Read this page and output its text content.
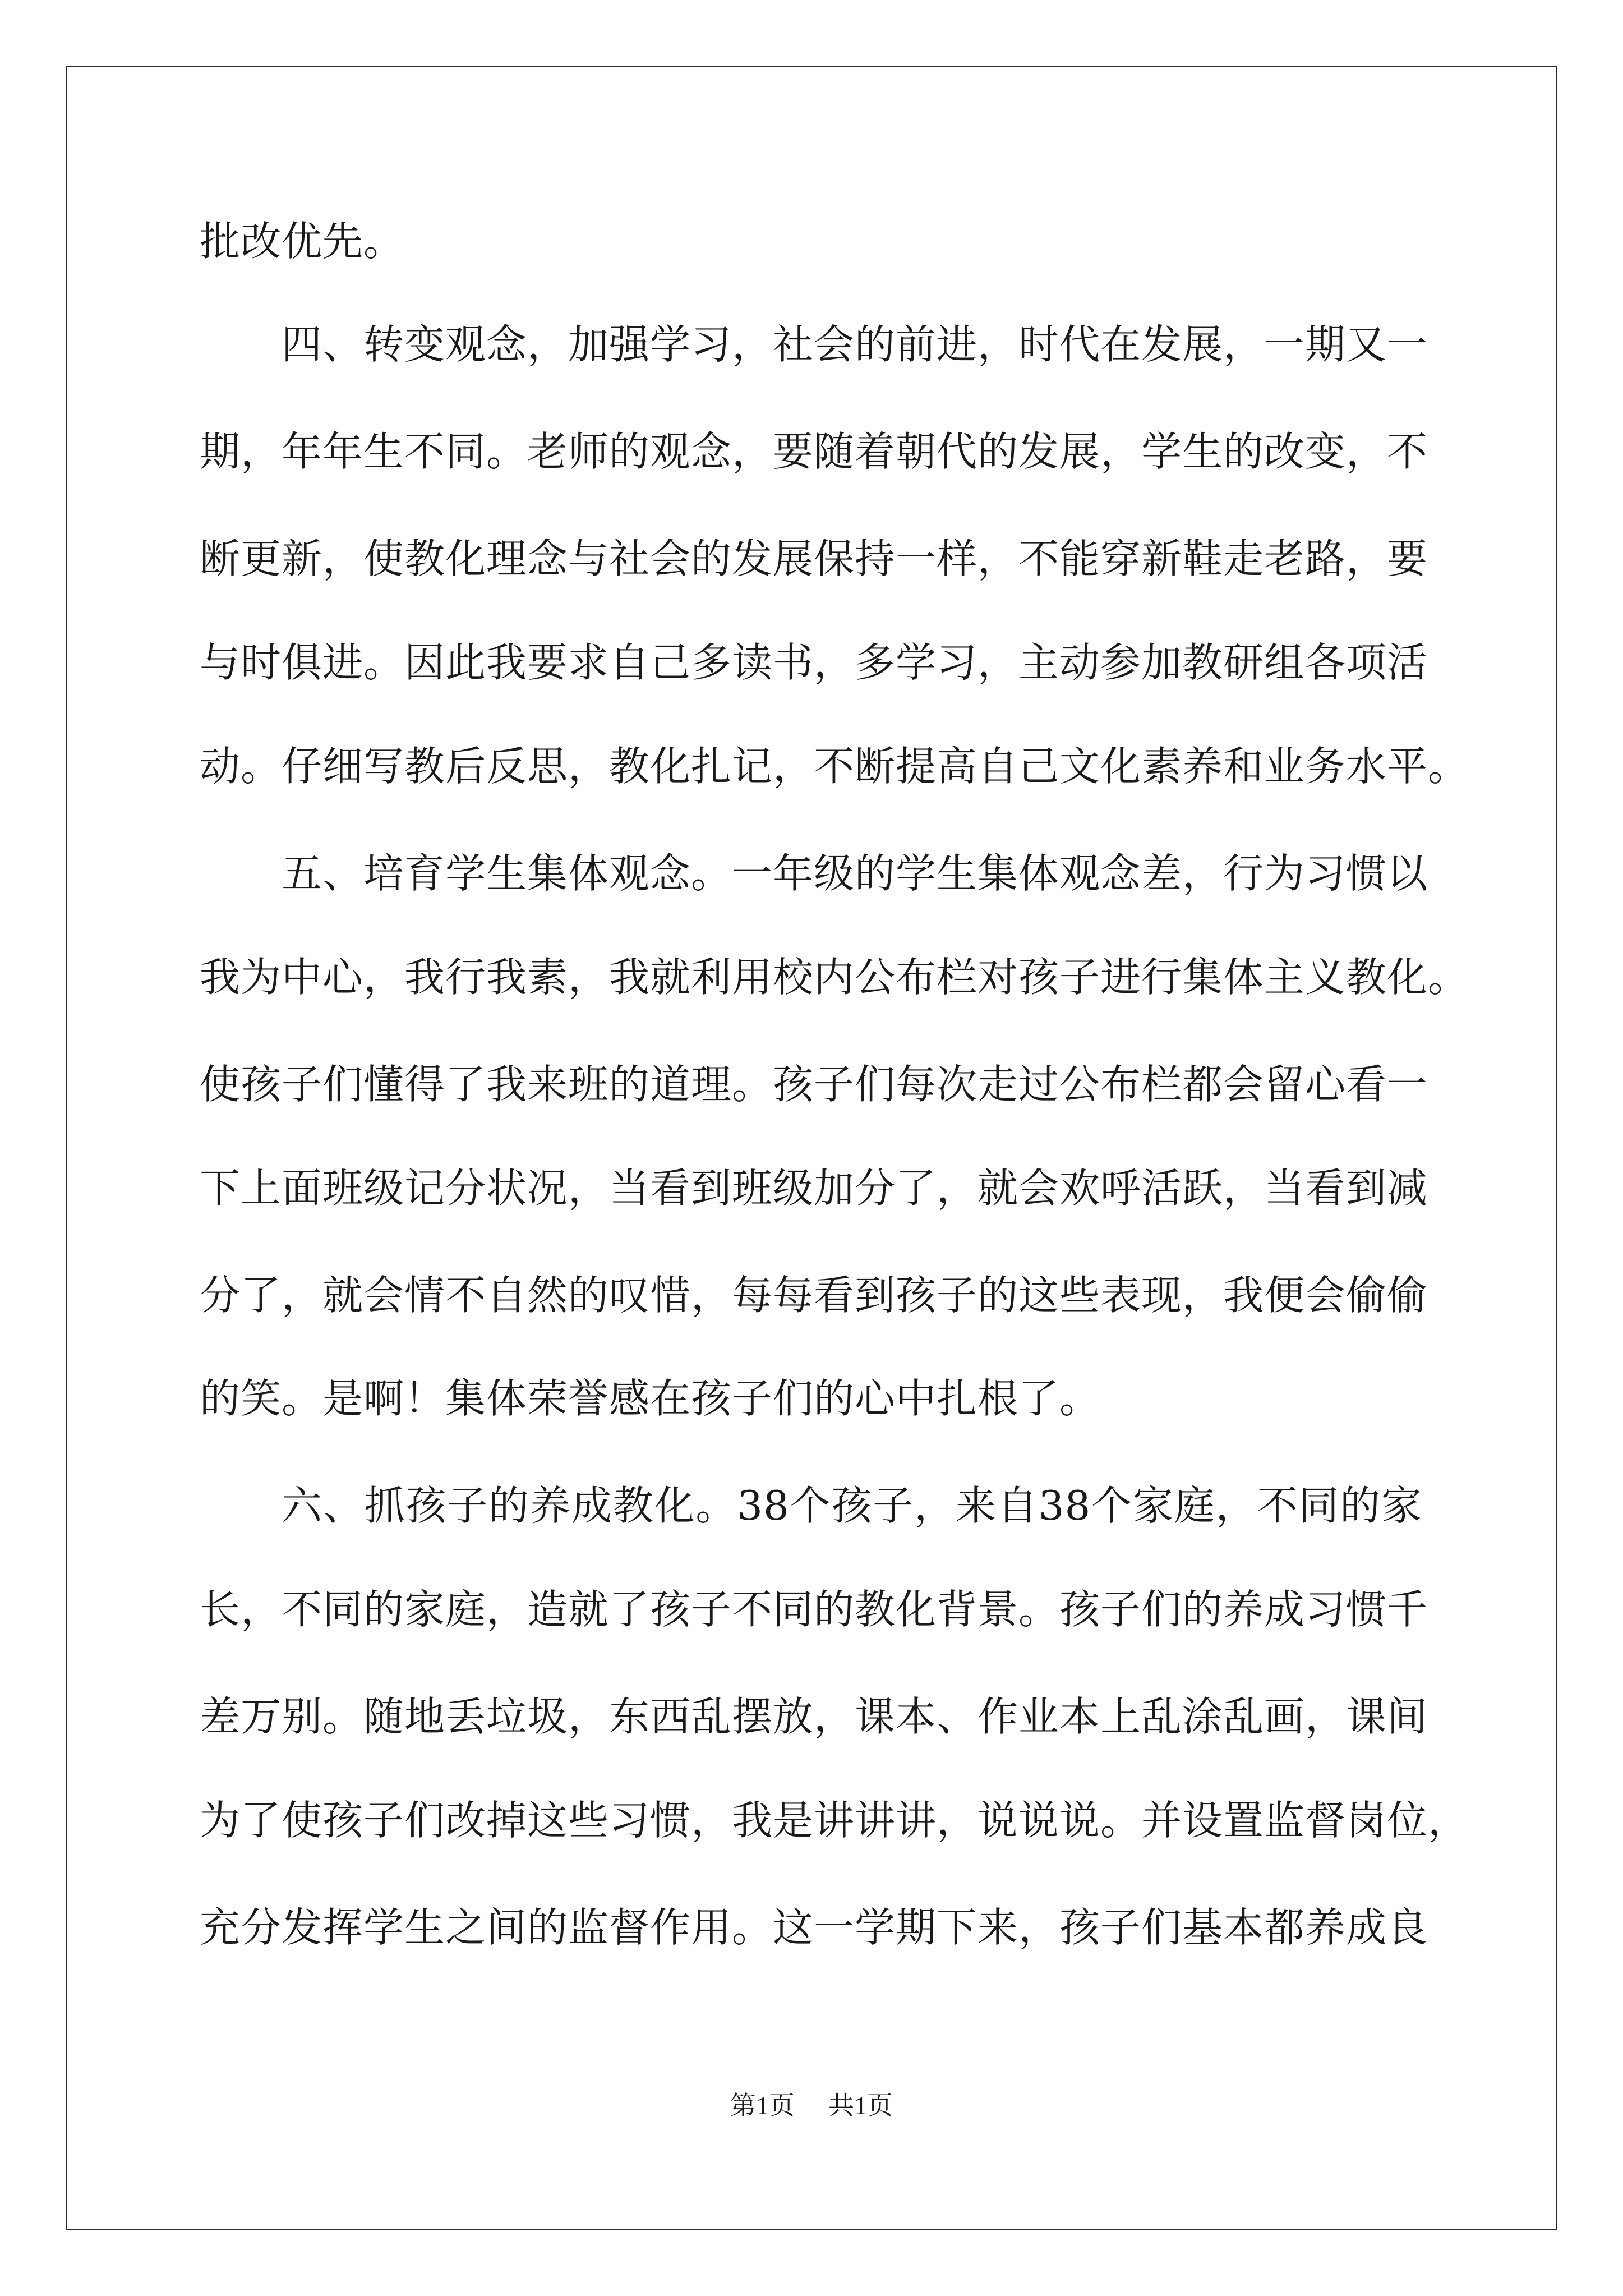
批改优先。
四、转变观念，加强学习，社会的前进，时代在发展，一期又一
期，年年生不同。老师的观念，要随着朝代的发展，学生的改变，不
断更新，使教化理念与社会的发展保持一样，不能穿新鞋走老路，要
与时俱进。因此我要求自己多读书，多学习，主动参加教研组各项活
动。仔细写教后反思，教化扎记，不断提高自己文化素养和业务水平。
五、培育学生集体观念。一年级的学生集体观念差，行为习惯以
我为中心，我行我素，我就利用校内公布栏对孩子进行集体主义教化。
使孩子们懂得了我来班的道理。孩子们每次走过公布栏都会留心看一
下上面班级记分状况，当看到班级加分了，就会欢呼活跃，当看到减
分了，就会情不自然的叹惜，每每看到孩子的这些表现，我便会偷偷
的笑。是啊！集体荣誉感在孩子们的心中扎根了。
六、抓孩子的养成教化。38个孩子，来自38个家庭，不同的家
长，不同的家庭，造就了孩子不同的教化背景。孩子们的养成习惯千
差万别。随地丢垃圾，东西乱摆放，课本、作业本上乱涂乱画，课间
为了使孩子们改掉这些习惯，我是讲讲讲，说说说。并设置监督岗位，
充分发挥学生之间的监督作用。这一学期下来，孩子们基本都养成良
第1页 共1页
